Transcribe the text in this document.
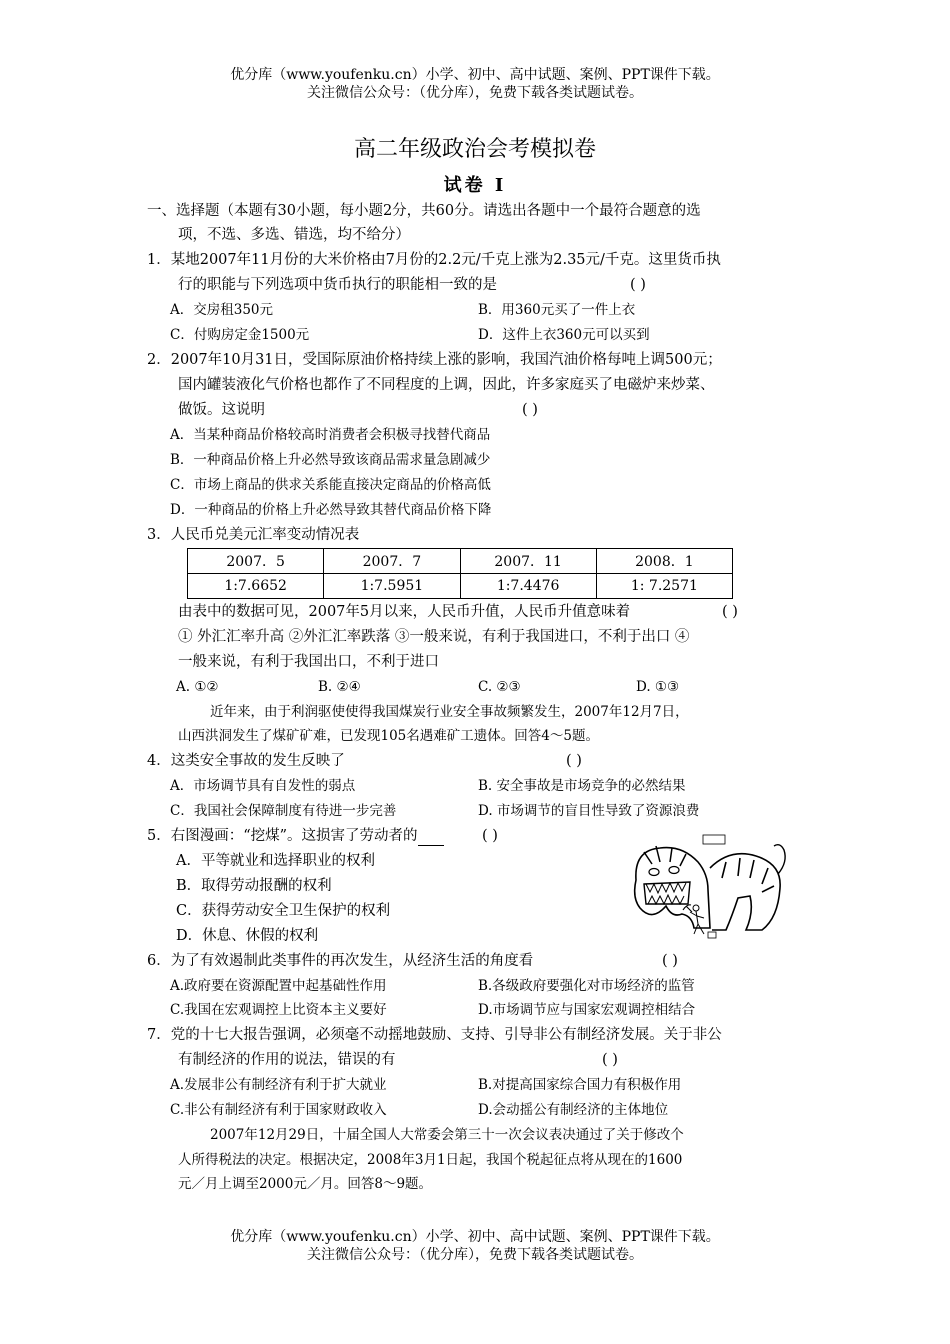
优分库（www.youfenku.cn）小学、初中、高中试题、案例、PPT课件下载。
关注微信公众号：（优分库），免费下载各类试题试卷。
高二年级政治会考模拟卷
试卷 I
一、选择题（本题有30小题，每小题2分，共60分。请选出各题中一个最符合题意的选
项，不选、多选、错选，均不给分）
1．某地2007年11月份的大米价格由7月份的2.2元/千克上涨为2.35元/千克。这里货币执
行的职能与下列选项中货币执行的职能相一致的是	( )
A．交房租350元	B．用360元买了一件上衣
C．付购房定金1500元	D．这件上衣360元可以买到
2．2007年10月31日，受国际原油价格持续上涨的影响，我国汽油价格每吨上调500元；
国内罐装液化气价格也都作了不同程度的上调，因此，许多家庭买了电磁炉来炒菜、
做饭。这说明	( )
A．当某种商品价格较高时消费者会积极寻找替代商品
B．一种商品价格上升必然导致该商品需求量急剧减少
C．市场上商品的供求关系能直接决定商品的价格高低
D．一种商品的价格上升必然导致其替代商品价格下降
3．人民币兑美元汇率变动情况表
2007．5	2007．7	2007．11	2008．1
1:7.6652	1:7.5951	1:7.4476	1: 7.2571
由表中的数据可见，2007年5月以来，人民币升值，人民币升值意味着	( )
① 外汇汇率升高 ②外汇汇率跌落 ③一般来说，有利于我国进口，不利于出口 ④
一般来说，有利于我国出口，不利于进口
A. ①②	B. ②④	C. ②③	D. ①③
近年来，由于利润驱使使得我国煤炭行业安全事故频繁发生，2007年12月7日，
山西洪洞发生了煤矿矿难，已发现105名遇难矿工遗体。回答4～5题。
4．这类安全事故的发生反映了	( )
A．市场调节具有自发性的弱点	B. 安全事故是市场竞争的必然结果
C．我国社会保障制度有待进一步完善	D. 市场调节的盲目性导致了资源浪费
5．右图漫画：“挖煤”。这损害了劳动者的	( )
A．平等就业和选择职业的权利
B．取得劳动报酬的权利
C．获得劳动安全卫生保护的权利
D．休息、休假的权利
6．为了有效遏制此类事件的再次发生，从经济生活的角度看	( )
A.政府要在资源配置中起基础性作用	B.各级政府要强化对市场经济的监管
C.我国在宏观调控上比资本主义要好	D.市场调节应与国家宏观调控相结合
7．党的十七大报告强调，必须毫不动摇地鼓励、支持、引导非公有制经济发展。关于非公
有制经济的作用的说法，错误的有	( )
A.发展非公有制经济有利于扩大就业	B.对提高国家综合国力有积极作用
C.非公有制经济有利于国家财政收入	D.会动摇公有制经济的主体地位
2007年12月29日，十届全国人大常委会第三十一次会议表决通过了关于修改个
人所得税法的决定。根据决定，2008年3月1日起，我国个税起征点将从现在的1600
元／月上调至2000元／月。回答8～9题。
优分库（www.youfenku.cn）小学、初中、高中试题、案例、PPT课件下载。
关注微信公众号：（优分库），免费下载各类试题试卷。
